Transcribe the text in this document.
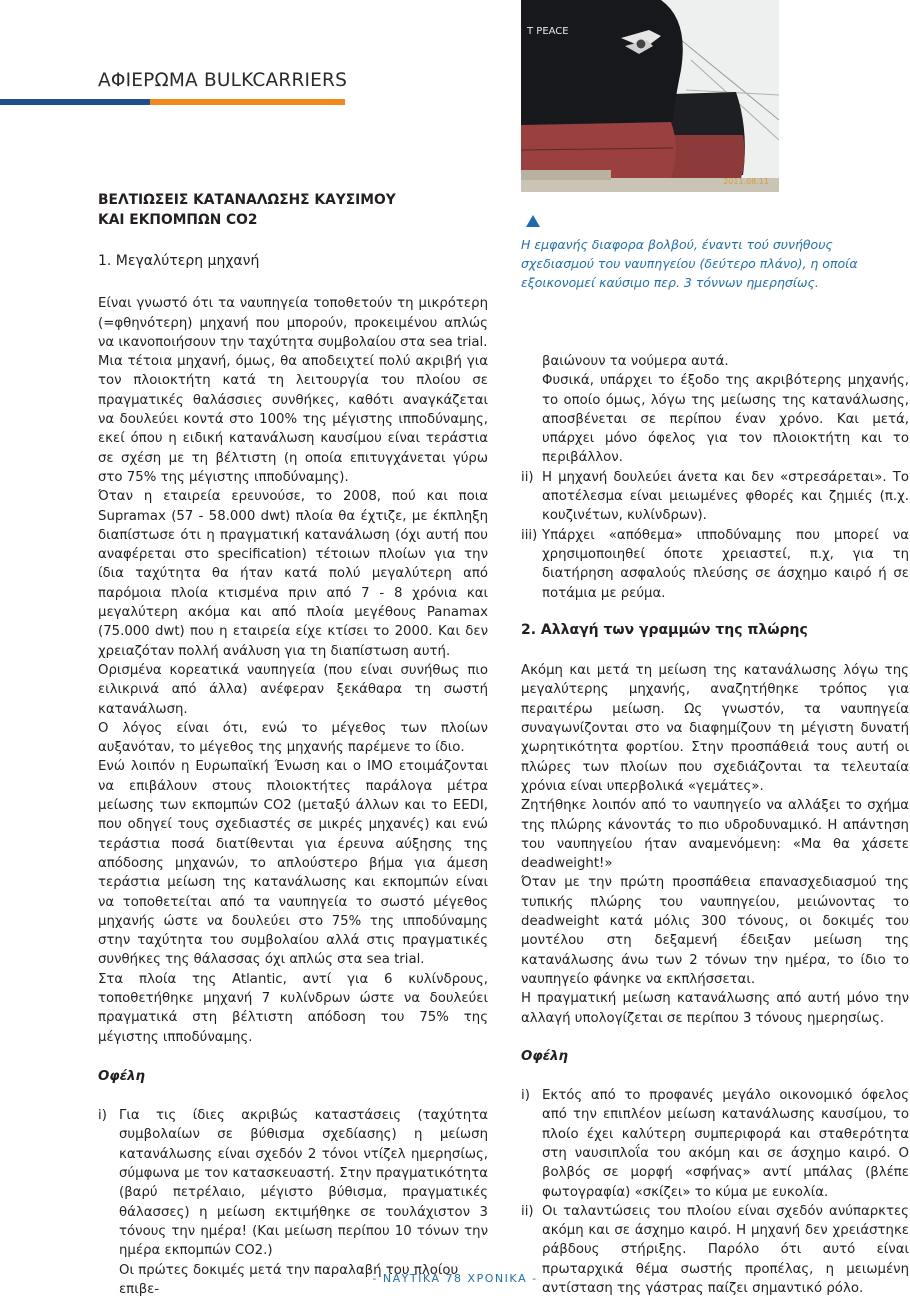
ΑΦΙΕΡΩΜΑ BULKCARRIERS
T PEACE
2011.08.11
Η εμφανής διαφορα βολβού, έναντι τού συνήθους σχεδιασμού του ναυπηγείου (δεύτερο πλάνο), η οποία εξοικονομεί καύσιμο περ. 3 τόννων ημερησίως.

ΒΕΛΤΙΩΣΕΙΣ ΚΑΤΑΝΑΛΩΣΗΣ ΚΑΥΣΙΜΟΥ

ΚΑΙ ΕΚΠΟΜΠΩΝ CO2

1. Μεγαλύτερη μηχανή

Είναι γνωστό ότι τα ναυπηγεία τοποθετούν τη μικρότερη (=φθηνότερη) μηχανή που μπορούν, προκειμένου απλώς να ικανοποιήσουν την ταχύτητα συμβολαίου στα sea trial.

Μια τέτοια μηχανή, όμως, θα αποδειχτεί πολύ ακριβή για τον πλοιοκτήτη κατά τη λειτουργία του πλοίου σε πραγματικές θαλάσσιες συνθήκες, καθότι αναγκάζεται να δουλεύει κοντά στο 100% της μέγιστης ιπποδύναμης, εκεί όπου η ειδική κατανάλωση καυσίμου είναι τεράστια σε σχέση με τη βέλτιστη (η οποία επιτυγχάνεται γύρω στο 75% της μέγιστης ιπποδύναμης).

Όταν η εταιρεία ερευνούσε, το 2008, πού και ποια Supramax (57 - 58.000 dwt) πλοία θα έχτιζε, με έκπληξη διαπίστωσε ότι η πραγματική κατανάλωση (όχι αυτή που αναφέρεται στο specification) τέτοιων πλοίων για την ίδια ταχύτητα θα ήταν κατά πολύ μεγαλύτερη από παρόμοια πλοία κτισμένα πριν από 7 - 8 χρόνια και μεγαλύτερη ακόμα και από πλοία μεγέθους Panamax (75.000 dwt) που η εταιρεία είχε κτίσει το 2000. Και δεν χρειαζόταν πολλή ανάλυση για τη διαπίστωση αυτή.

Ορισμένα κορεατικά ναυπηγεία (που είναι συνήθως πιο ειλικρινά από άλλα) ανέφεραν ξεκάθαρα τη σωστή κατανάλωση.

Ο λόγος είναι ότι, ενώ το μέγεθος των πλοίων αυξανόταν, το μέγεθος της μηχανής παρέμενε το ίδιο.

Ενώ λοιπόν η Ευρωπαϊκή Ένωση και ο IMO ετοιμάζονται να επιβάλουν στους πλοιοκτήτες παράλογα μέτρα μείωσης των εκπομπών CO2 (μεταξύ άλλων και το EEDI, που οδηγεί τους σχεδιαστές σε μικρές μηχανές) και ενώ τεράστια ποσά διατίθενται για έρευνα αύξησης της απόδοσης μηχανών, το απλούστερο βήμα για άμεση τεράστια μείωση της κατανάλωσης και εκπομπών είναι να τοποθετείται από τα ναυπηγεία το σωστό μέγεθος μηχανής ώστε να δουλεύει στο 75% της ιπποδύναμης στην ταχύτητα του συμβολαίου αλλά στις πραγματικές συνθήκες της θάλασσας όχι απλώς στα sea trial.

Στα πλοία της Atlantic, αντί για 6 κυλίνδρους, τοποθετήθηκε μηχανή 7 κυλίνδρων ώστε να δουλεύει πραγματικά στη βέλτιστη απόδοση του 75% της μέγιστης ιπποδύναμης.

Οφέλη

i) Για τις ίδιες ακριβώς καταστάσεις (ταχύτητα συμβολαίων σε βύθισμα σχεδίασης) η μείωση κατανάλωσης είναι σχεδόν 2 τόνοι ντίζελ ημερησίως, σύμφωνα με τον κατασκευαστή. Στην πραγματικότητα (βαρύ πετρέλαιο, μέγιστο βύθισμα, πραγματικές θάλασσες) η μείωση εκτιμήθηκε σε τουλάχιστον 3 τόνους την ημέρα! (Και μείωση περίπου 10 τόνων την ημέρα εκπομπών CO2.)
Οι πρώτες δοκιμές μετά την παραλαβή του πλοίου επιβε-

βαιώνουν τα νούμερα αυτά.

Φυσικά, υπάρχει το έξοδο της ακριβότερης μηχανής, το οποίο όμως, λόγω της μείωσης της κατανάλωσης, αποσβένεται σε περίπου έναν χρόνο. Και μετά, υπάρχει μόνο όφελος για τον πλοιοκτήτη και το περιβάλλον.

ii) Η μηχανή δουλεύει άνετα και δεν «στρεσάρεται». Το αποτέλεσμα είναι μειωμένες φθορές και ζημιές (π.χ. κουζινέτων, κυλίνδρων).
iii) Υπάρχει «απόθεμα» ιπποδύναμης που μπορεί να χρησιμοποιηθεί όποτε χρειαστεί, π.χ, για τη διατήρηση ασφαλούς πλεύσης σε άσχημο καιρό ή σε ποτάμια με ρεύμα.

2. Αλλαγή των γραμμών της πλώρης

Ακόμη και μετά τη μείωση της κατανάλωσης λόγω της μεγαλύτερης μηχανής, αναζητήθηκε τρόπος για περαιτέρω μείωση. Ως γνωστόν, τα ναυπηγεία συναγωνίζονται στο να διαφημίζουν τη μέγιστη δυνατή χωρητικότητα φορτίου. Στην προσπάθειά τους αυτή οι πλώρες των πλοίων που σχεδιάζονται τα τελευταία χρόνια είναι υπερβολικά «γεμάτες».

Ζητήθηκε λοιπόν από το ναυπηγείο να αλλάξει το σχήμα της πλώρης κάνοντάς το πιο υδροδυναμικό. Η απάντηση του ναυπηγείου ήταν αναμενόμενη: «Μα θα χάσετε deadweight!»

Όταν με την πρώτη προσπάθεια επανασχεδιασμού της τυπικής πλώρης του ναυπηγείου, μειώνοντας το deadweight κατά μόλις 300 τόνους, οι δοκιμές του μοντέλου στη δεξαμενή έδειξαν μείωση της κατανάλωσης άνω των 2 τόνων την ημέρα, το ίδιο το ναυπηγείο φάνηκε να εκπλήσσεται.

Η πραγματική μείωση κατανάλωσης από αυτή μόνο την αλλαγή υπολογίζεται σε περίπου 3 τόνους ημερησίως.

Οφέλη

i) Εκτός από το προφανές μεγάλο οικονομικό όφελος από την επιπλέον μείωση κατανάλωσης καυσίμου, το πλοίο έχει καλύτερη συμπεριφορά και σταθερότητα στη ναυσιπλοΐα του ακόμη και σε άσχημο καιρό. Ο βολβός σε μορφή «σφήνας» αντί μπάλας (βλέπε φωτογραφία) «σκίζει» το κύμα με ευκολία.
ii) Οι ταλαντώσεις του πλοίου είναι σχεδόν ανύπαρκτες ακόμη και σε άσχημο καιρό. Η μηχανή δεν χρειάστηκε ράβδους στήριξης. Παρόλο ότι αυτό είναι πρωταρχικά θέμα σωστής προπέλας, η μειωμένη αντίσταση της γάστρας παίζει σημαντικό ρόλο.
- ΝΑΥΤΙΚΑ 78 ΧΡΟΝΙΚΑ -
